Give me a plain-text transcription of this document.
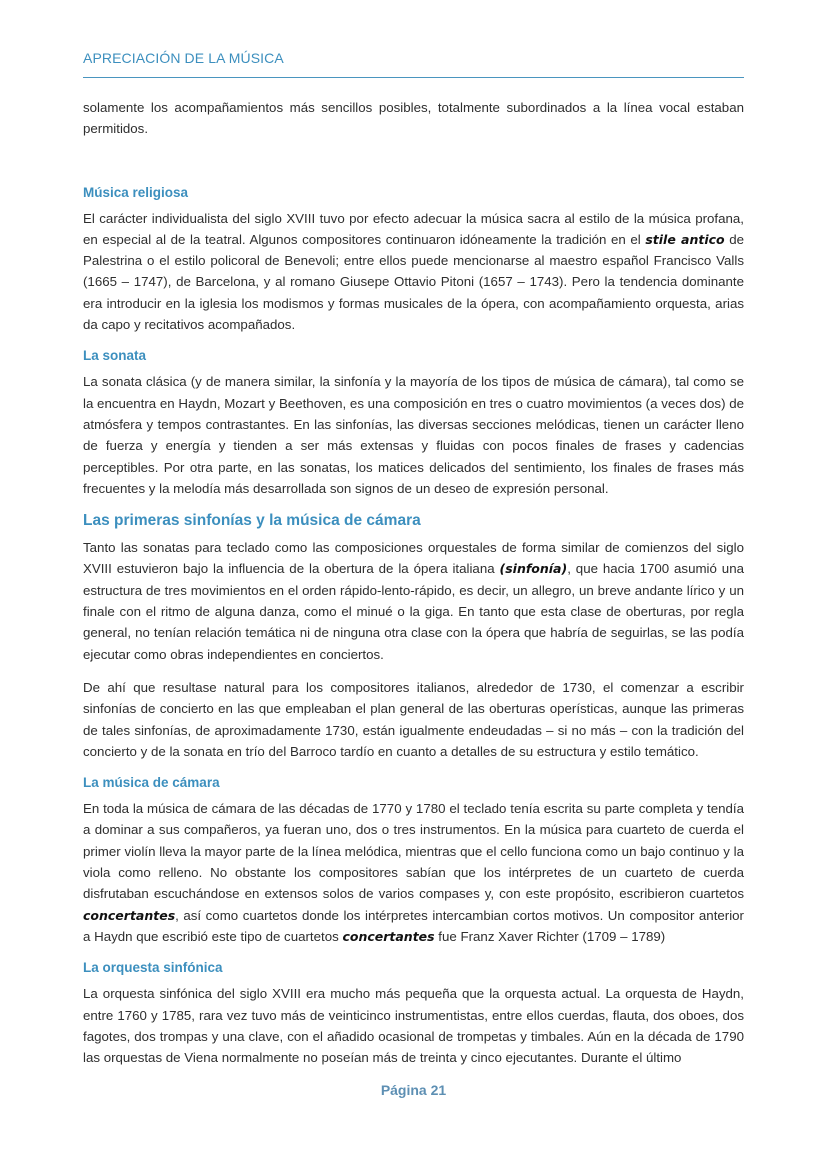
APRECIACIÓN DE LA MÚSICA

solamente los acompañamientos más sencillos posibles, totalmente subordinados a la línea vocal estaban permitidos.

Música religiosa

El carácter individualista del siglo XVIII tuvo por efecto adecuar la música sacra al estilo de la música profana, en especial al de la teatral. Algunos compositores continuaron idóneamente la tradición en el stile antico de Palestrina o el estilo policoral de Benevoli; entre ellos puede mencionarse al maestro español Francisco Valls (1665 – 1747), de Barcelona, y al romano Giusepe Ottavio Pitoni (1657 – 1743). Pero la tendencia dominante era introducir en la iglesia los modismos y formas musicales de la ópera, con acompañamiento orquesta, arias da capo y recitativos acompañados.

La sonata

La sonata clásica (y de manera similar, la sinfonía y la mayoría de los tipos de música de cámara), tal como se la encuentra en Haydn, Mozart y Beethoven, es una composición en tres o cuatro movimientos (a veces dos) de atmósfera y tempos contrastantes. En las sinfonías, las diversas secciones melódicas, tienen un carácter lleno de fuerza y energía y tienden a ser más extensas y fluidas con pocos finales de frases y cadencias perceptibles. Por otra parte, en las sonatas, los matices delicados del sentimiento, los finales de frases más frecuentes y la melodía más desarrollada son signos de un deseo de expresión personal.

Las primeras sinfonías y la música de cámara

Tanto las sonatas para teclado como las composiciones orquestales de forma similar de comienzos del siglo XVIII estuvieron bajo la influencia de la obertura de la ópera italiana (sinfonía), que hacia 1700 asumió una estructura de tres movimientos en el orden rápido-lento-rápido, es decir, un allegro, un breve andante lírico y un finale con el ritmo de alguna danza, como el minué o la giga. En tanto que esta clase de oberturas, por regla general, no tenían relación temática ni de ninguna otra clase con la ópera que habría de seguirlas, se las podía ejecutar como obras independientes en conciertos.

De ahí que resultase natural para los compositores italianos, alrededor de 1730, el comenzar a escribir sinfonías de concierto en las que empleaban el plan general de las oberturas operísticas, aunque las primeras de tales sinfonías, de aproximadamente 1730, están igualmente endeudadas – si no más – con la tradición del concierto y de la sonata en trío del Barroco tardío en cuanto a detalles de su estructura y estilo temático.

La música de cámara

En toda la música de cámara de las décadas de 1770 y 1780 el teclado tenía escrita su parte completa y tendía a dominar a sus compañeros, ya fueran uno, dos o tres instrumentos. En la música para cuarteto de cuerda el primer violín lleva la mayor parte de la línea melódica, mientras que el cello funciona como un bajo continuo y la viola como relleno. No obstante los compositores sabían que los intérpretes de un cuarteto de cuerda disfrutaban escuchándose en extensos solos de varios compases y, con este propósito, escribieron cuartetos concertantes, así como cuartetos donde los intérpretes intercambian cortos motivos. Un compositor anterior a Haydn que escribió este tipo de cuartetos concertantes fue Franz Xaver Richter (1709 – 1789)

La orquesta sinfónica

La orquesta sinfónica del siglo XVIII era mucho más pequeña que la orquesta actual. La orquesta de Haydn, entre 1760 y 1785, rara vez tuvo más de veinticinco instrumentistas, entre ellos cuerdas, flauta, dos oboes, dos fagotes, dos trompas y una clave, con el añadido ocasional de trompetas y timbales. Aún en la década de 1790 las orquestas de Viena normalmente no poseían más de treinta y cinco ejecutantes. Durante el último

Página 21
